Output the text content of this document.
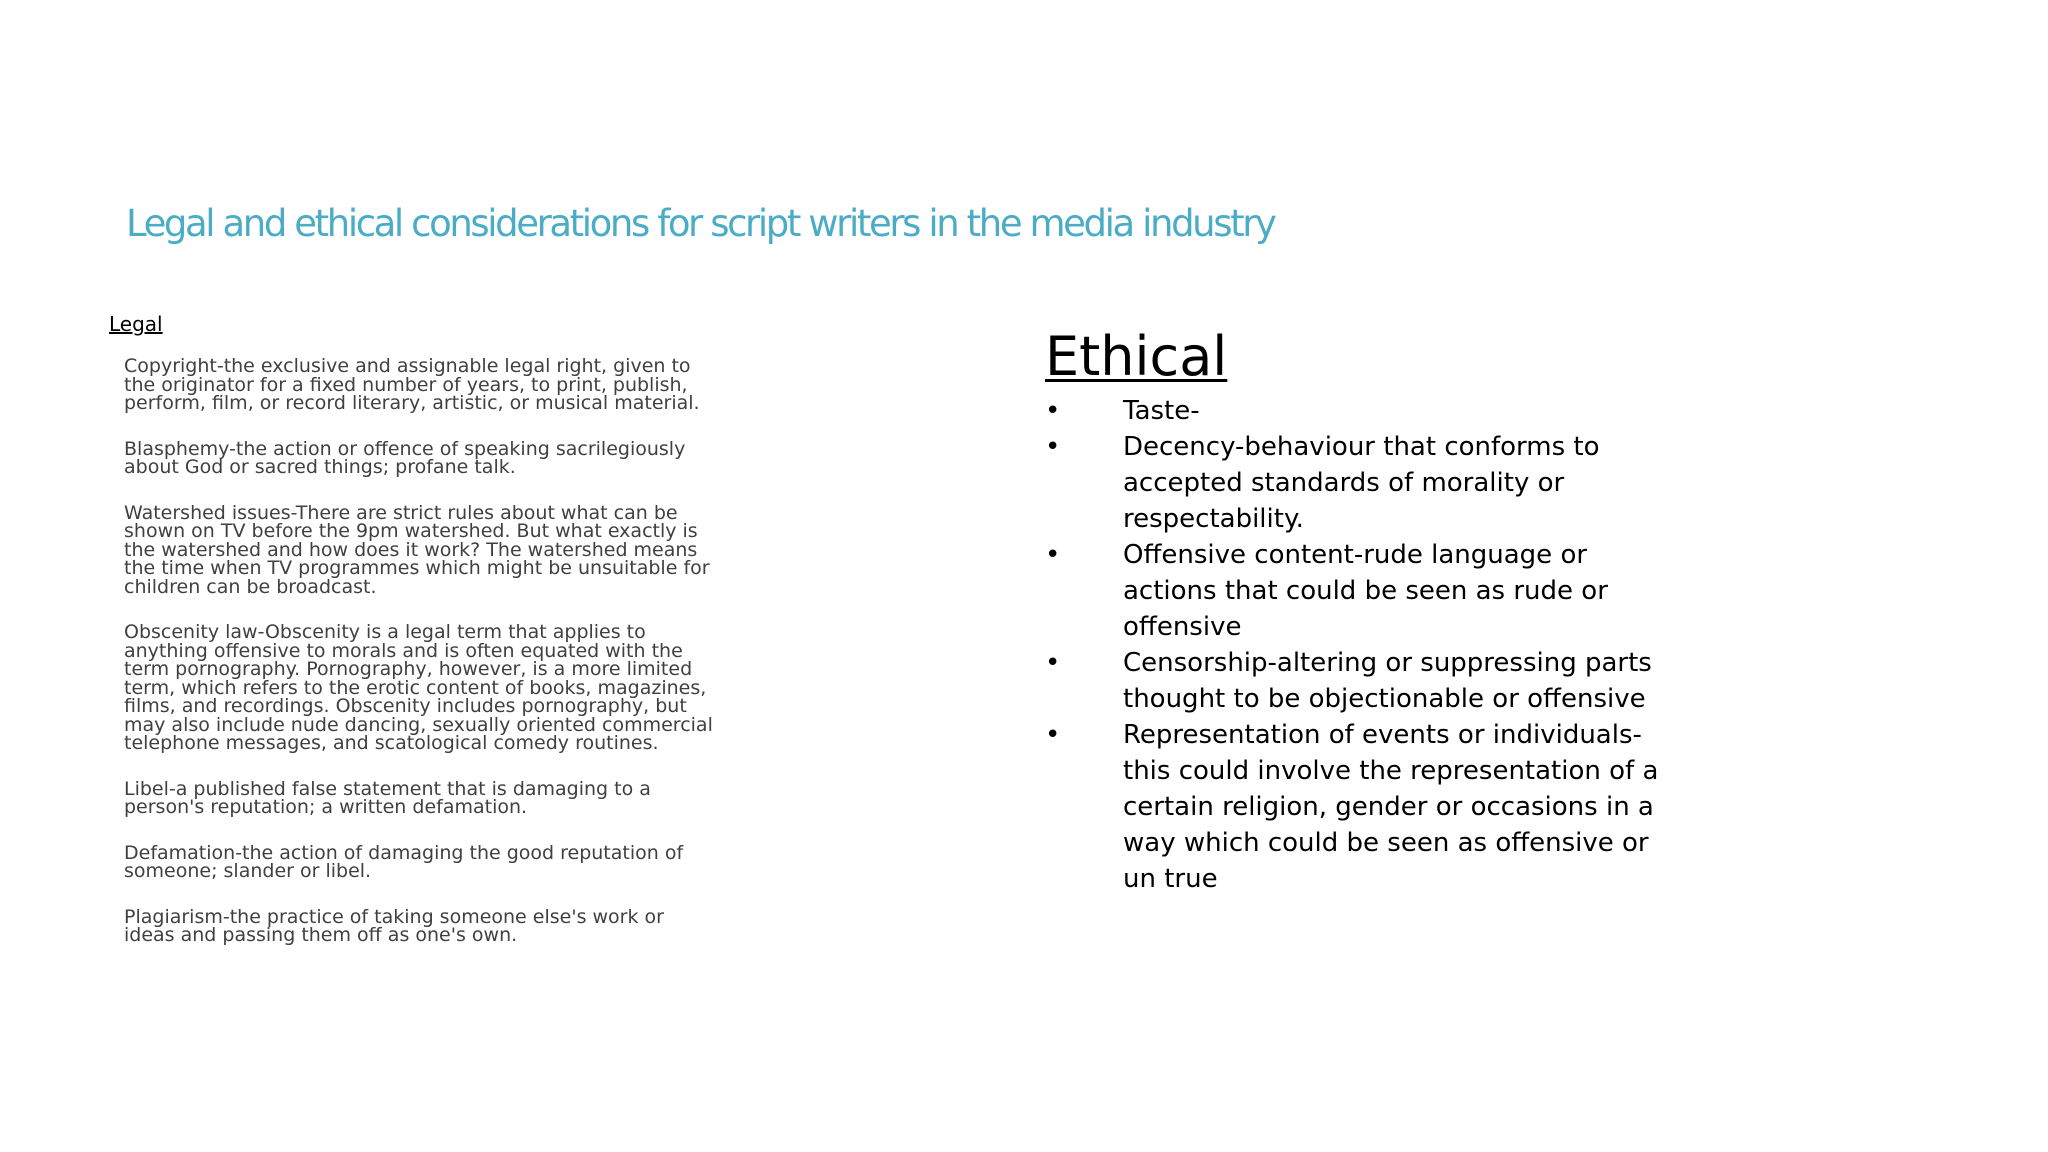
Legal and ethical considerations for script writers in the media industry
Legal
Copyright-the exclusive and assignable legal right, given to the originator for a fixed number of years, to print, publish, perform, film, or record literary, artistic, or musical material.
Blasphemy-the action or offence of speaking sacrilegiously about God or sacred things; profane talk.
Watershed issues-There are strict rules about what can be shown on TV before the 9pm watershed. But what exactly is the watershed and how does it work? The watershed means the time when TV programmes which might be unsuitable for children can be broadcast.
Obscenity law-Obscenity is a legal term that applies to anything offensive to morals and is often equated with the term pornography. Pornography, however, is a more limited term, which refers to the erotic content of books, magazines, films, and recordings. Obscenity includes pornography, but may also include nude dancing, sexually oriented commercial telephone messages, and scatological comedy routines.
Libel-a published false statement that is damaging to a person's reputation; a written defamation.
Defamation-the action of damaging the good reputation of someone; slander or libel.
Plagiarism-the practice of taking someone else's work or ideas and passing them off as one's own.
Ethical
• Taste-
• Decency-behaviour that conforms to accepted standards of morality or respectability.
• Offensive content-rude language or actions that could be seen as rude or offensive
• Censorship-altering or suppressing parts thought to be objectionable or offensive
• Representation of events or individuals- this could involve the representation of a certain religion, gender or occasions in a way which could be seen as offensive or un true
